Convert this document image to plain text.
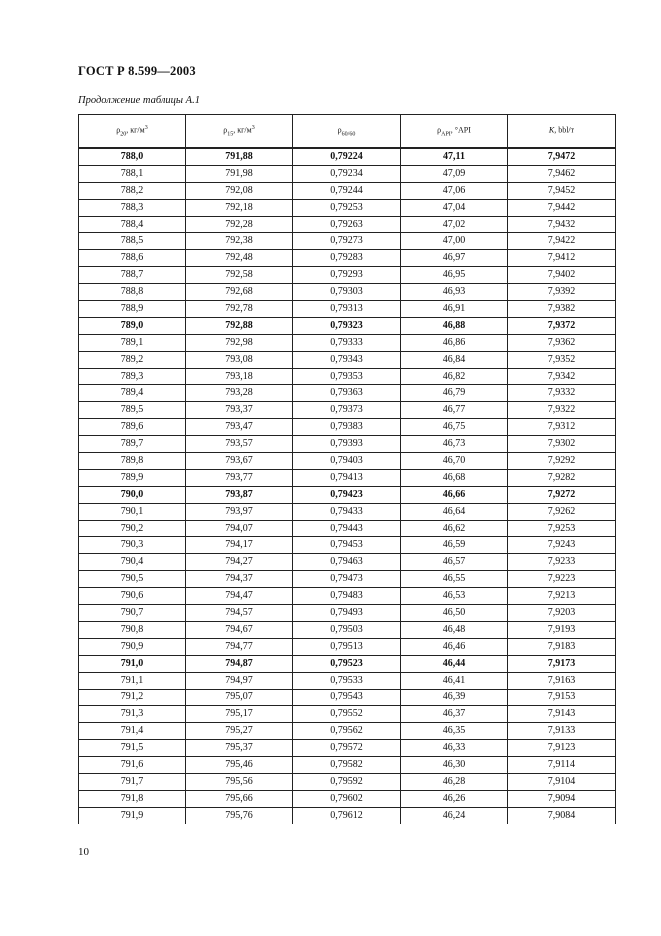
ГОСТ Р 8.599—2003
Продолжение таблицы А.1
$\rho_{20}$, $кг/м^3$	$\rho_{15}$, $кг/м^3$	$\rho_{60/60}$	$\rho_{API}$, °API	K, bbl/т
788,0	791,88	0,79224	47,11	7,9472
788,1	791,98	0,79234	47,09	7,9462
788,2	792,08	0,79244	47,06	7,9452
788,3	792,18	0,79253	47,04	7,9442
788,4	792,28	0,79263	47,02	7,9432
788,5	792,38	0,79273	47,00	7,9422
788,6	792,48	0,79283	46,97	7,9412
788,7	792,58	0,79293	46,95	7,9402
788,8	792,68	0,79303	46,93	7,9392
788,9	792,78	0,79313	46,91	7,9382
789,0	792,88	0,79323	46,88	7,9372
789,1	792,98	0,79333	46,86	7,9362
789,2	793,08	0,79343	46,84	7,9352
789,3	793,18	0,79353	46,82	7,9342
789,4	793,28	0,79363	46,79	7,9332
789,5	793,37	0,79373	46,77	7,9322
789,6	793,47	0,79383	46,75	7,9312
789,7	793,57	0,79393	46,73	7,9302
789,8	793,67	0,79403	46,70	7,9292
789,9	793,77	0,79413	46,68	7,9282
790,0	793,87	0,79423	46,66	7,9272
790,1	793,97	0,79433	46,64	7,9262
790,2	794,07	0,79443	46,62	7,9253
790,3	794,17	0,79453	46,59	7,9243
790,4	794,27	0,79463	46,57	7,9233
790,5	794,37	0,79473	46,55	7,9223
790,6	794,47	0,79483	46,53	7,9213
790,7	794,57	0,79493	46,50	7,9203
790,8	794,67	0,79503	46,48	7,9193
790,9	794,77	0,79513	46,46	7,9183
791,0	794,87	0,79523	46,44	7,9173
791,1	794,97	0,79533	46,41	7,9163
791,2	795,07	0,79543	46,39	7,9153
791,3	795,17	0,79552	46,37	7,9143
791,4	795,27	0,79562	46,35	7,9133
791,5	795,37	0,79572	46,33	7,9123
791,6	795,46	0,79582	46,30	7,9114
791,7	795,56	0,79592	46,28	7,9104
791,8	795,66	0,79602	46,26	7,9094
791,9	795,76	0,79612	46,24	7,9084
10
